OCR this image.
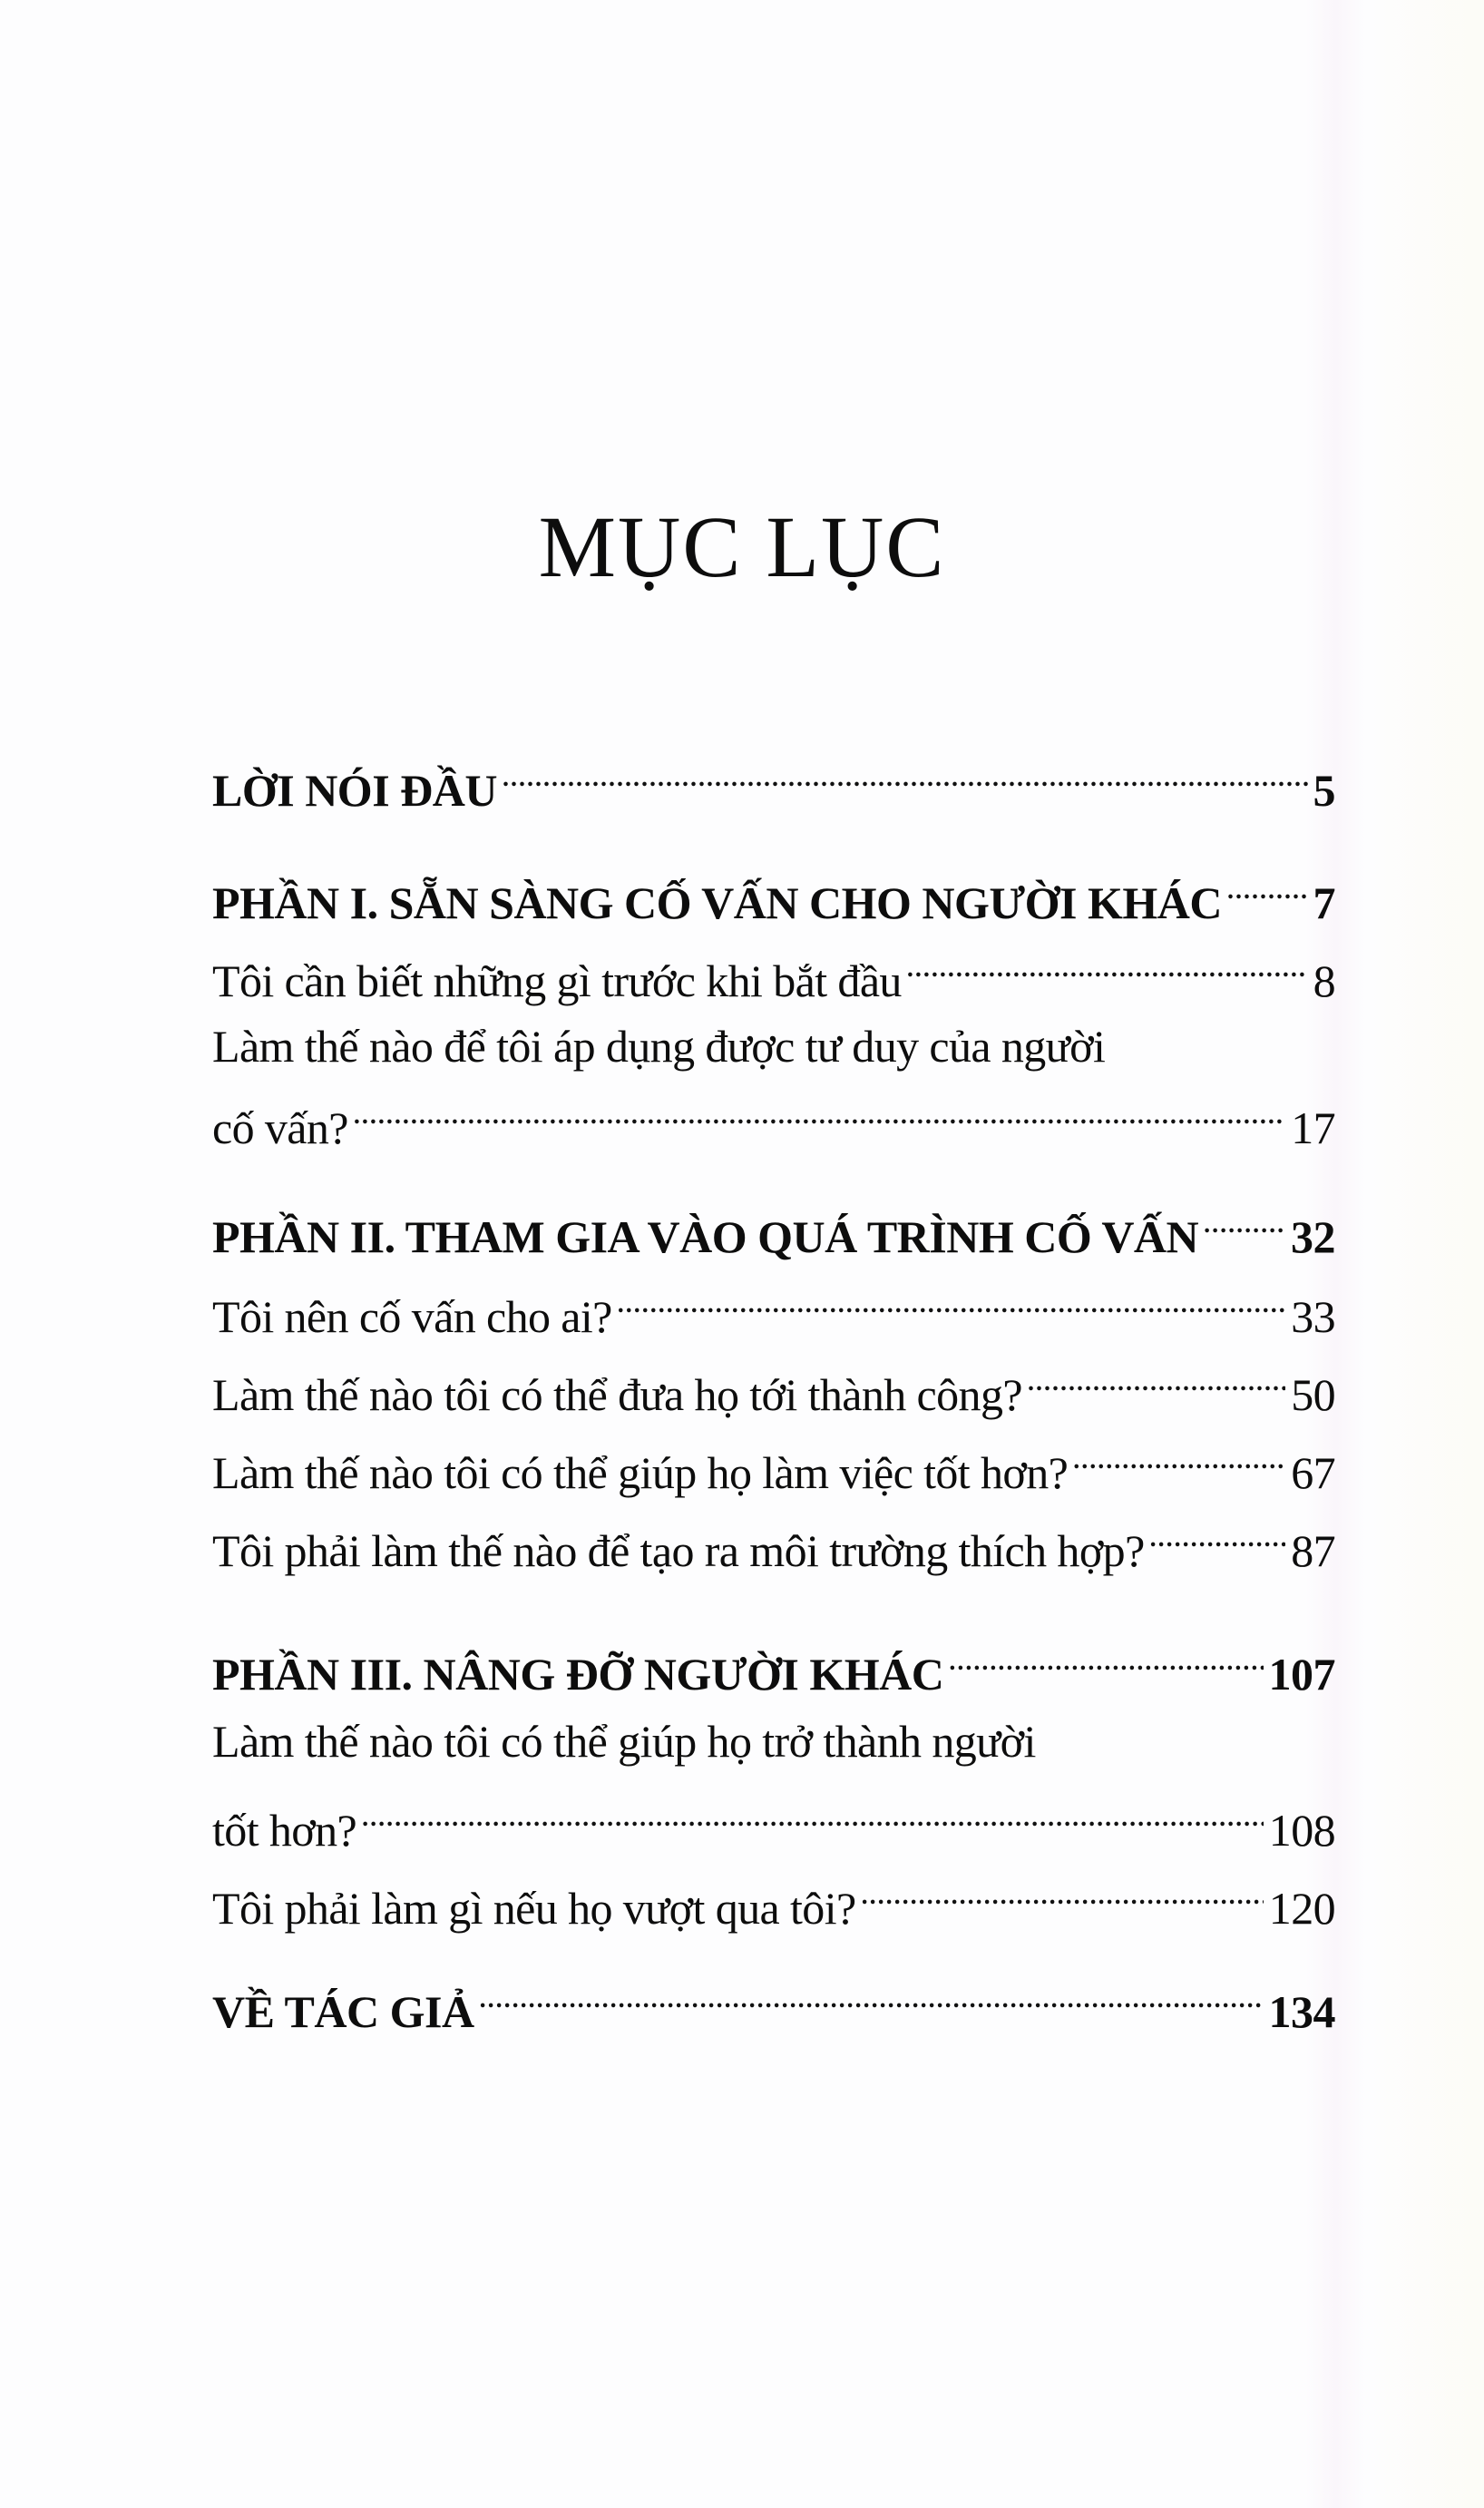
MỤC LỤC
LỜI NÓI ĐẦU .....	5
PHẦN I. SẴN SÀNG CỐ VẤN CHO NGƯỜI KHÁC ..... 7
Tôi cần biết những gì trước khi bắt đầu .....	8
Làm thế nào để tôi áp dụng được tư duy của người
cố vấn? .....	17
PHẦN II. THAM GIA VÀO QUÁ TRÌNH CỐ VẤN ..... 32
Tôi nên cố vấn cho ai? .....	33
Làm thế nào tôi có thể đưa họ tới thành công? .....	50
Làm thế nào tôi có thể giúp họ làm việc tốt hơn? .....	67
Tôi phải làm thế nào để tạo ra môi trường thích hợp? .....	87
PHẦN III. NÂNG ĐỠ NGƯỜI KHÁC .....	107
Làm thế nào tôi có thể giúp họ trở thành người
tốt hơn? .....	108
Tôi phải làm gì nếu họ vượt qua tôi? .....	120
VỀ TÁC GIẢ .....	134
